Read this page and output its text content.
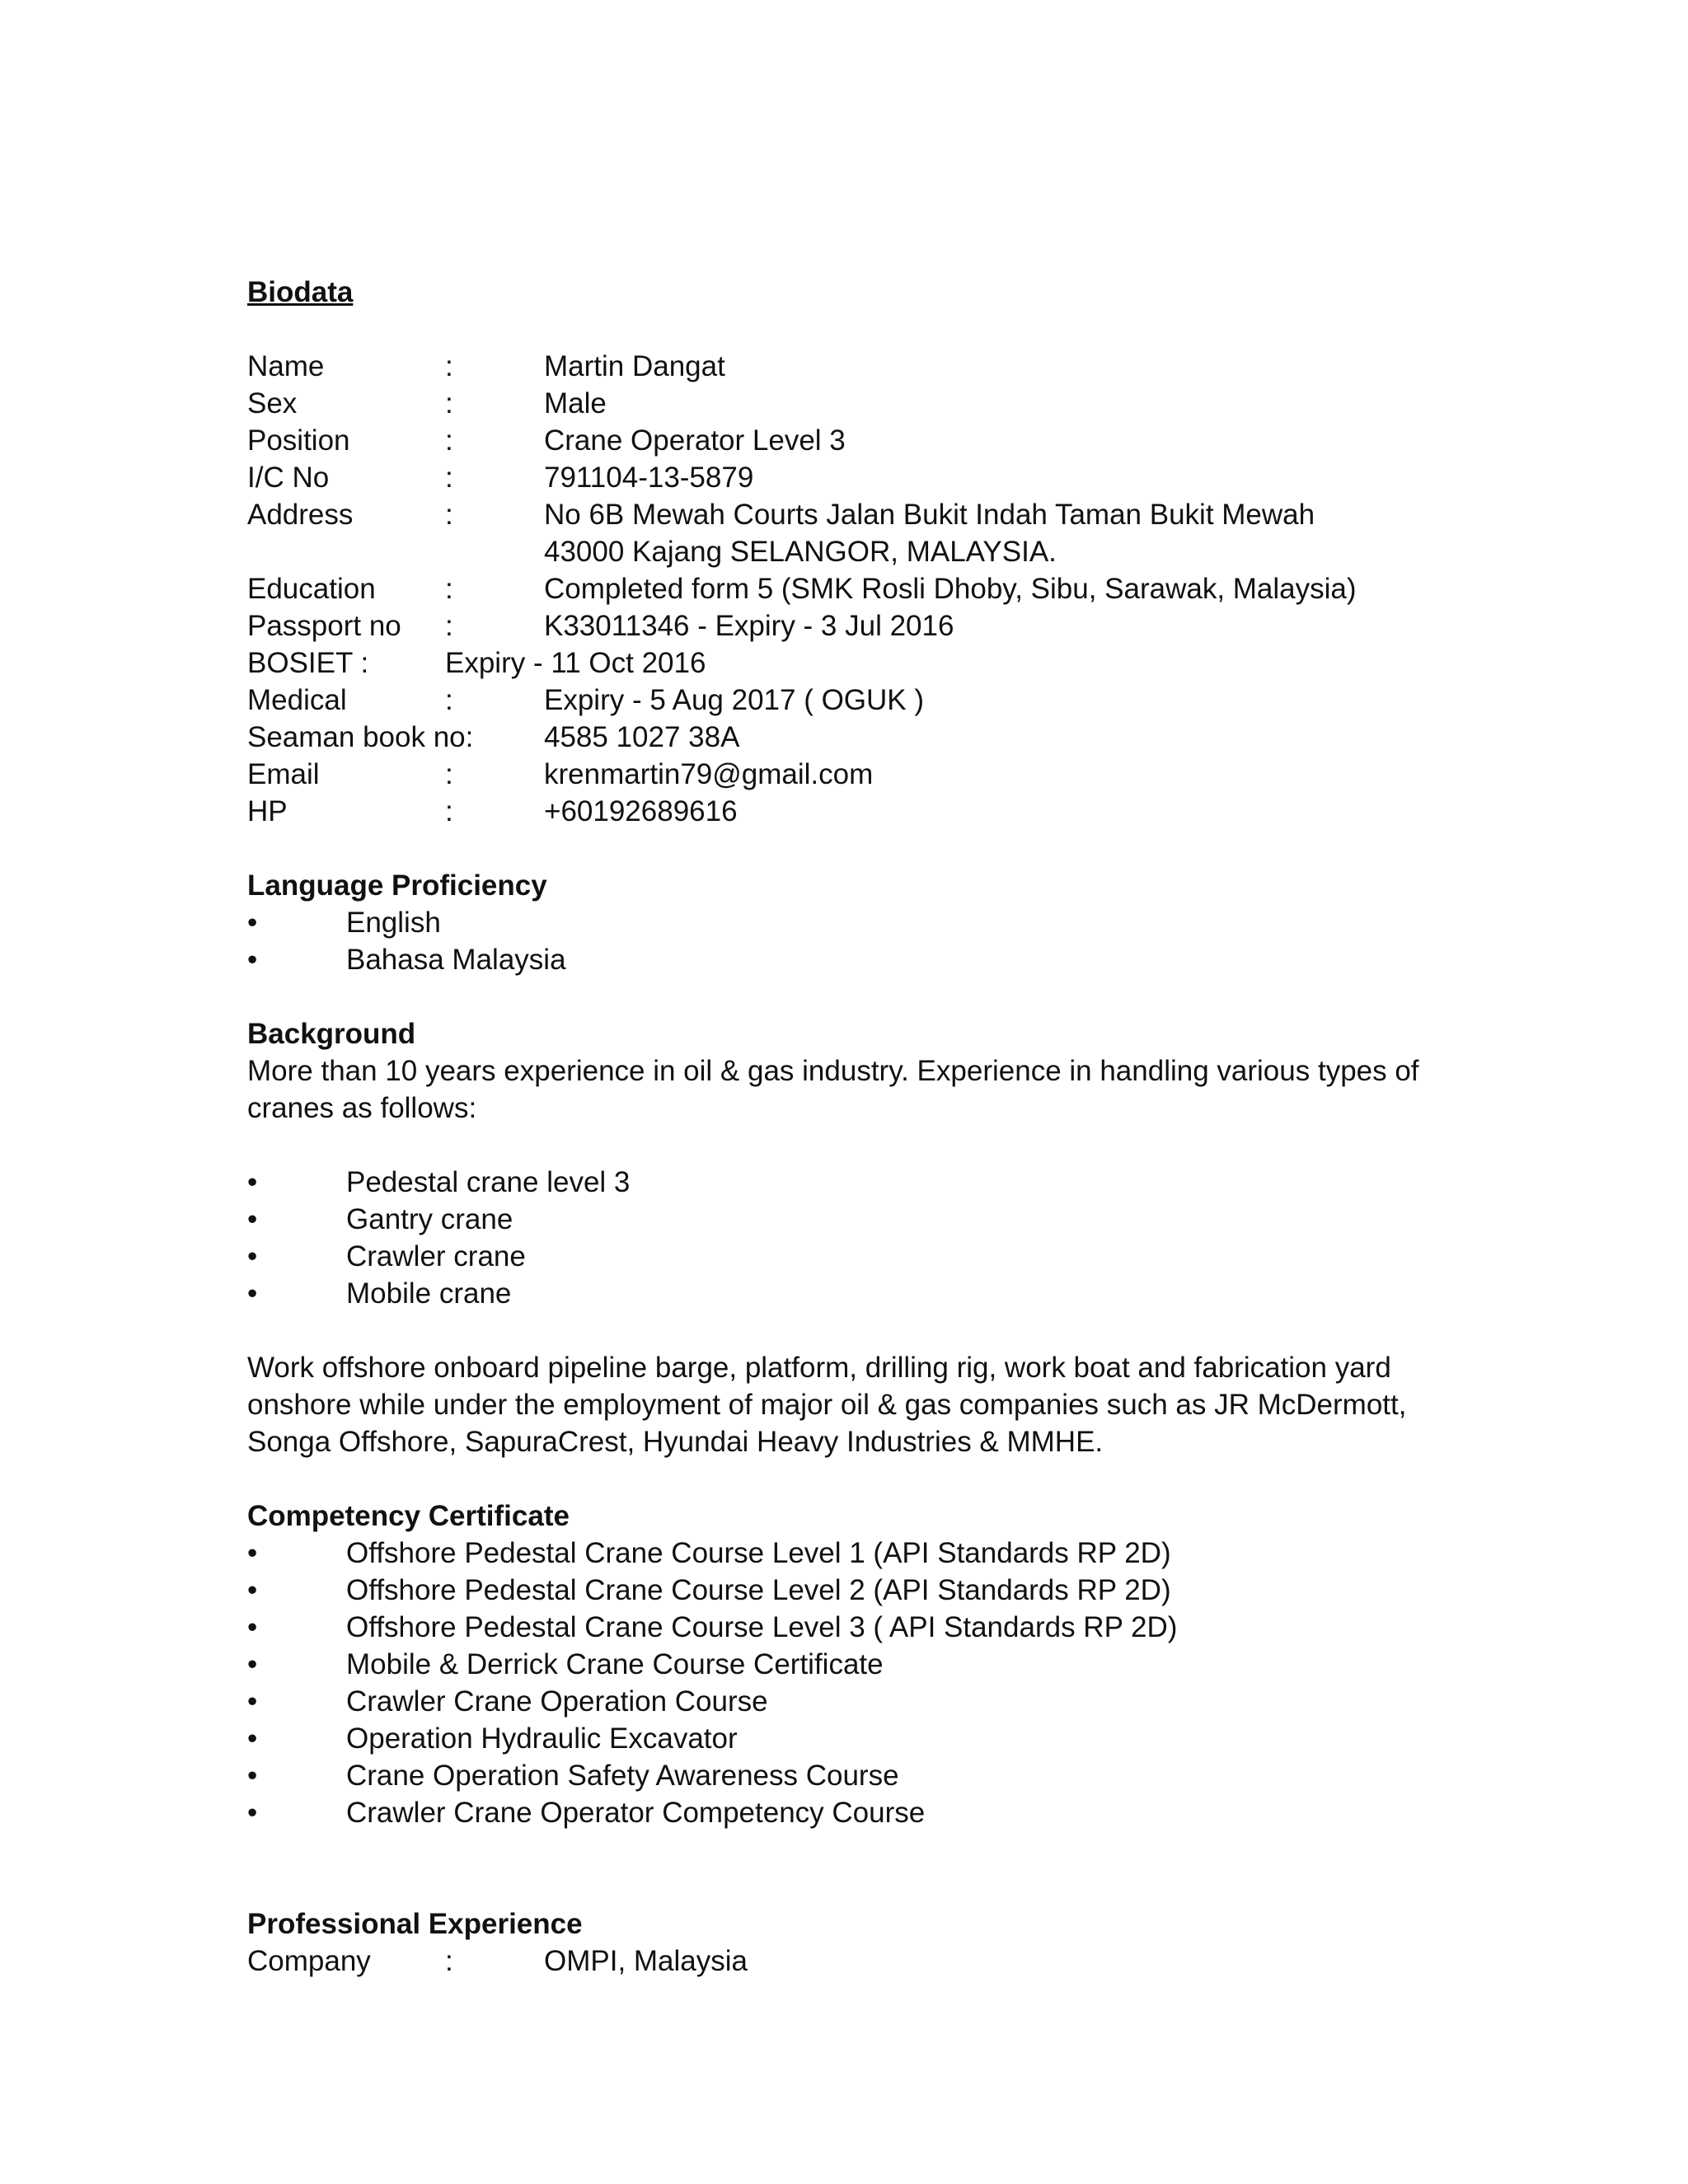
Biodata
Name	:	Martin Dangat
Sex	:	Male
Position	:	Crane Operator Level 3
I/C No	:	791104-13-5879
Address	:	No 6B Mewah Courts Jalan Bukit Indah Taman Bukit Mewah
43000 Kajang SELANGOR, MALAYSIA.
Education	:	Completed form 5 (SMK Rosli Dhoby, Sibu, Sarawak, Malaysia)
Passport no	:	K33011346 - Expiry - 3 Jul 2016
BOSIET :	Expiry - 11 Oct 2016
Medical	:	Expiry - 5 Aug 2017 ( OGUK )
Seaman book no:	4585 1027 38A
Email	:	krenmartin79@gmail.com
HP	:	+60192689616
Language Proficiency
•	English
•	Bahasa Malaysia
Background
More than 10 years experience in oil & gas industry. Experience in handling various types of
cranes as follows:
•	Pedestal crane level 3
•	Gantry crane
•	Crawler crane
•	Mobile crane
Work offshore onboard pipeline barge, platform, drilling rig, work boat and fabrication yard
onshore while under the employment of major oil & gas companies such as JR McDermott,
Songa Offshore, SapuraCrest, Hyundai Heavy Industries & MMHE.
Competency Certificate
•	Offshore Pedestal Crane Course Level 1 (API Standards RP 2D)
•	Offshore Pedestal Crane Course Level 2 (API Standards RP 2D)
•	Offshore Pedestal Crane Course Level 3 ( API Standards RP 2D)
•	Mobile & Derrick Crane Course Certificate
•	Crawler Crane Operation Course
•	Operation Hydraulic Excavator
•	Crane Operation Safety Awareness Course
•	Crawler Crane Operator Competency Course
Professional Experience
Company	:	OMPI, Malaysia
